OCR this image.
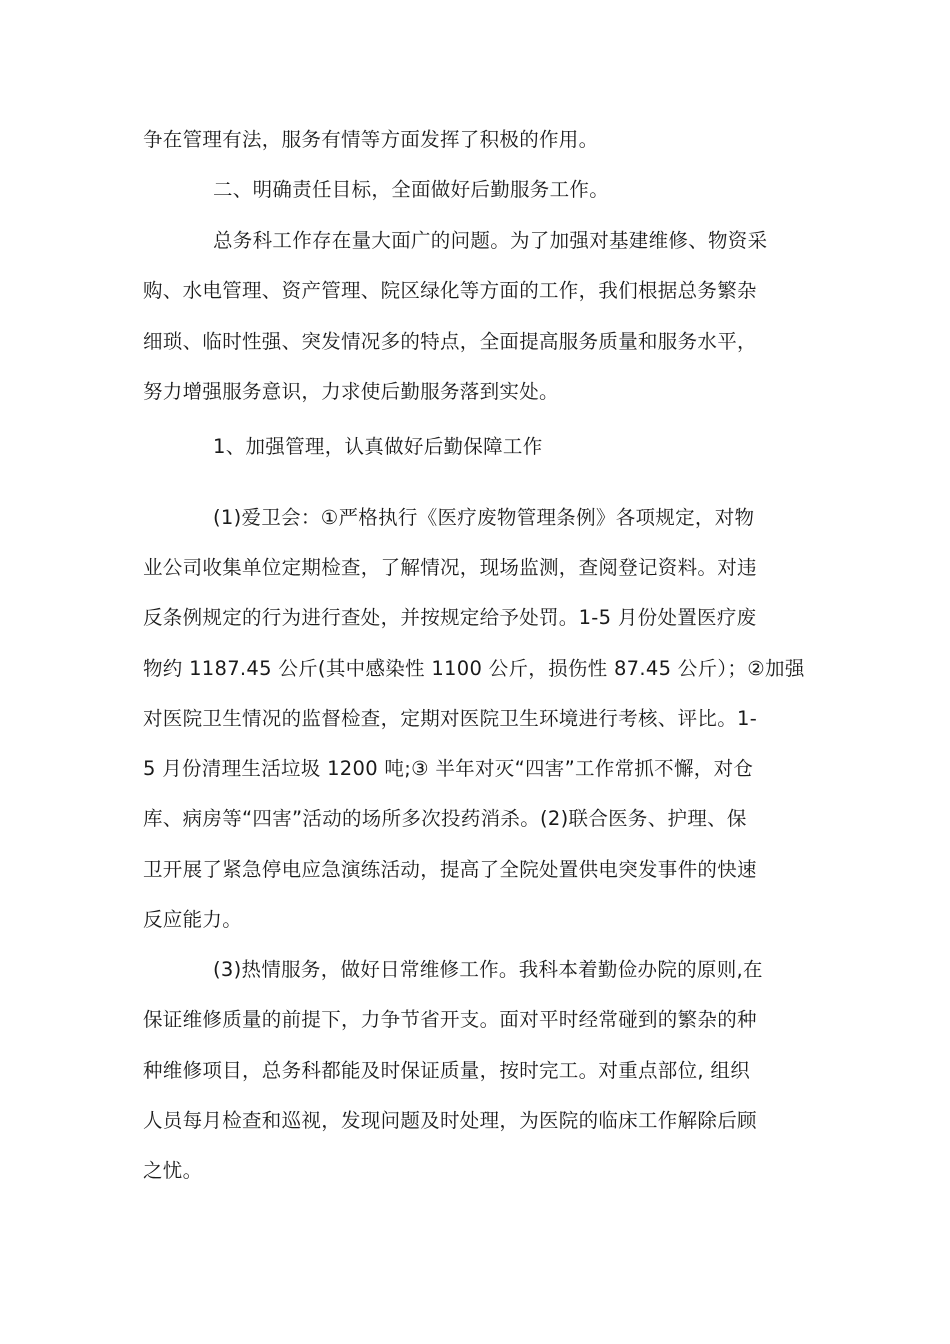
争在管理有法，服务有情等方面发挥了积极的作用。
二、明确责任目标，全面做好后勤服务工作。
总务科工作存在量大面广的问题。为了加强对基建维修、物资采
购、水电管理、资产管理、院区绿化等方面的工作，我们根据总务繁杂
细琐、临时性强、突发情况多的特点，全面提高服务质量和服务水平，
努力增强服务意识，力求使后勤服务落到实处。
1、加强管理，认真做好后勤保障工作
(1)爱卫会：①严格执行《医疗废物管理条例》各项规定，对物
业公司收集单位定期检查，了解情况，现场监测，查阅登记资料。对违
反条例规定的行为进行查处，并按规定给予处罚。1-5 月份处置医疗废
物约 1187.45 公斤(其中感染性 1100 公斤，损伤性 87.45 公斤）；②加强
对医院卫生情况的监督检查，定期对医院卫生环境进行考核、评比。1-
5 月份清理生活垃圾 1200 吨;③ 半年对灭“四害”工作常抓不懈，对仓
库、病房等“四害”活动的场所多次投药消杀。(2)联合医务、护理、保
卫开展了紧急停电应急演练活动，提高了全院处置供电突发事件的快速
反应能力。
(3)热情服务，做好日常维修工作。我科本着勤俭办院的原则,在
保证维修质量的前提下，力争节省开支。面对平时经常碰到的繁杂的种
种维修项目，总务科都能及时保证质量，按时完工。对重点部位, 组织
人员每月检查和巡视，发现问题及时处理，为医院的临床工作解除后顾
之忧。
